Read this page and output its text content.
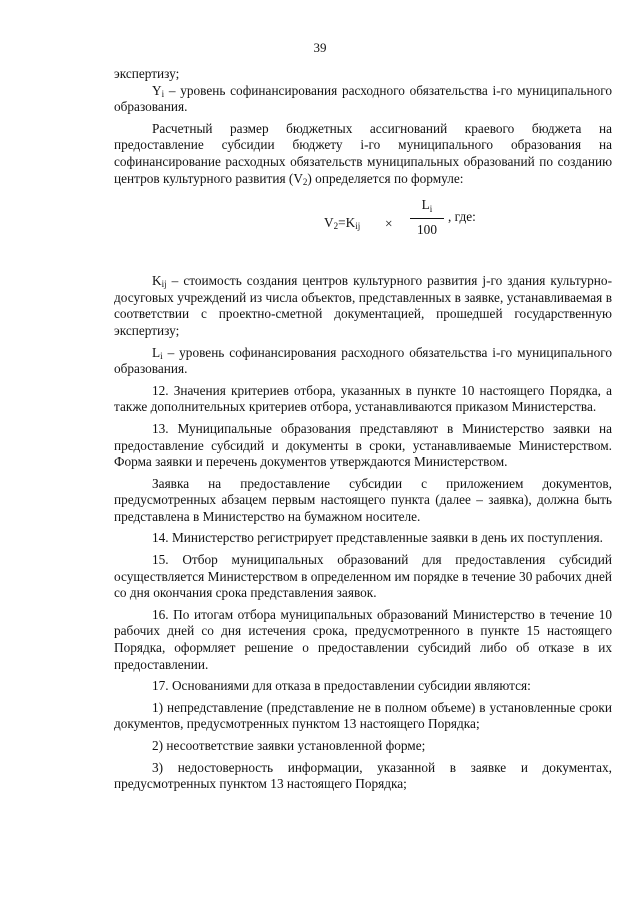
39

экспертизу;

$Y_i$ – уровень софинансирования расходного обязательства i-го муниципального образования.

Расчетный размер бюджетных ассигнований краевого бюджета на предоставление субсидии бюджету i-го муниципального образования на софинансирование расходных обязательств муниципальных образований по созданию центров культурного развития $(V_2)$ определяется по формуле:

$V_2=K_{ij}$ ×
$L_i$
100
, где:

$K_{ij}$ – стоимость создания центров культурного развития j-го здания культурно-досуговых учреждений из числа объектов, представленных в заявке, устанавливаемая в соответствии с проектно-сметной документацией, прошедшей государственную экспертизу;

$L_i$ – уровень софинансирования расходного обязательства i-го муниципального образования.

12. Значения критериев отбора, указанных в пункте 10 настоящего Порядка, а также дополнительных критериев отбора, устанавливаются приказом Министерства.

13. Муниципальные образования представляют в Министерство заявки на предоставление субсидий и документы в сроки, устанавливаемые Министерством. Форма заявки и перечень документов утверждаются Министерством.

Заявка на предоставление субсидии с приложением документов, предусмотренных абзацем первым настоящего пункта (далее – заявка), должна быть представлена в Министерство на бумажном носителе.

14. Министерство регистрирует представленные заявки в день их поступления.

15. Отбор муниципальных образований для предоставления субсидий осуществляется Министерством в определенном им порядке в течение 30 рабочих дней со дня окончания срока представления заявок.

16. По итогам отбора муниципальных образований Министерство в течение 10 рабочих дней со дня истечения срока, предусмотренного в пункте 15 настоящего Порядка, оформляет решение о предоставлении субсидий либо об отказе в их предоставлении.

17. Основаниями для отказа в предоставлении субсидии являются:

1) непредставление (представление не в полном объеме) в установленные сроки документов, предусмотренных пунктом 13 настоящего Порядка;

2) несоответствие заявки установленной форме;

3) недостоверность информации, указанной в заявке и документах, предусмотренных пунктом 13 настоящего Порядка;
